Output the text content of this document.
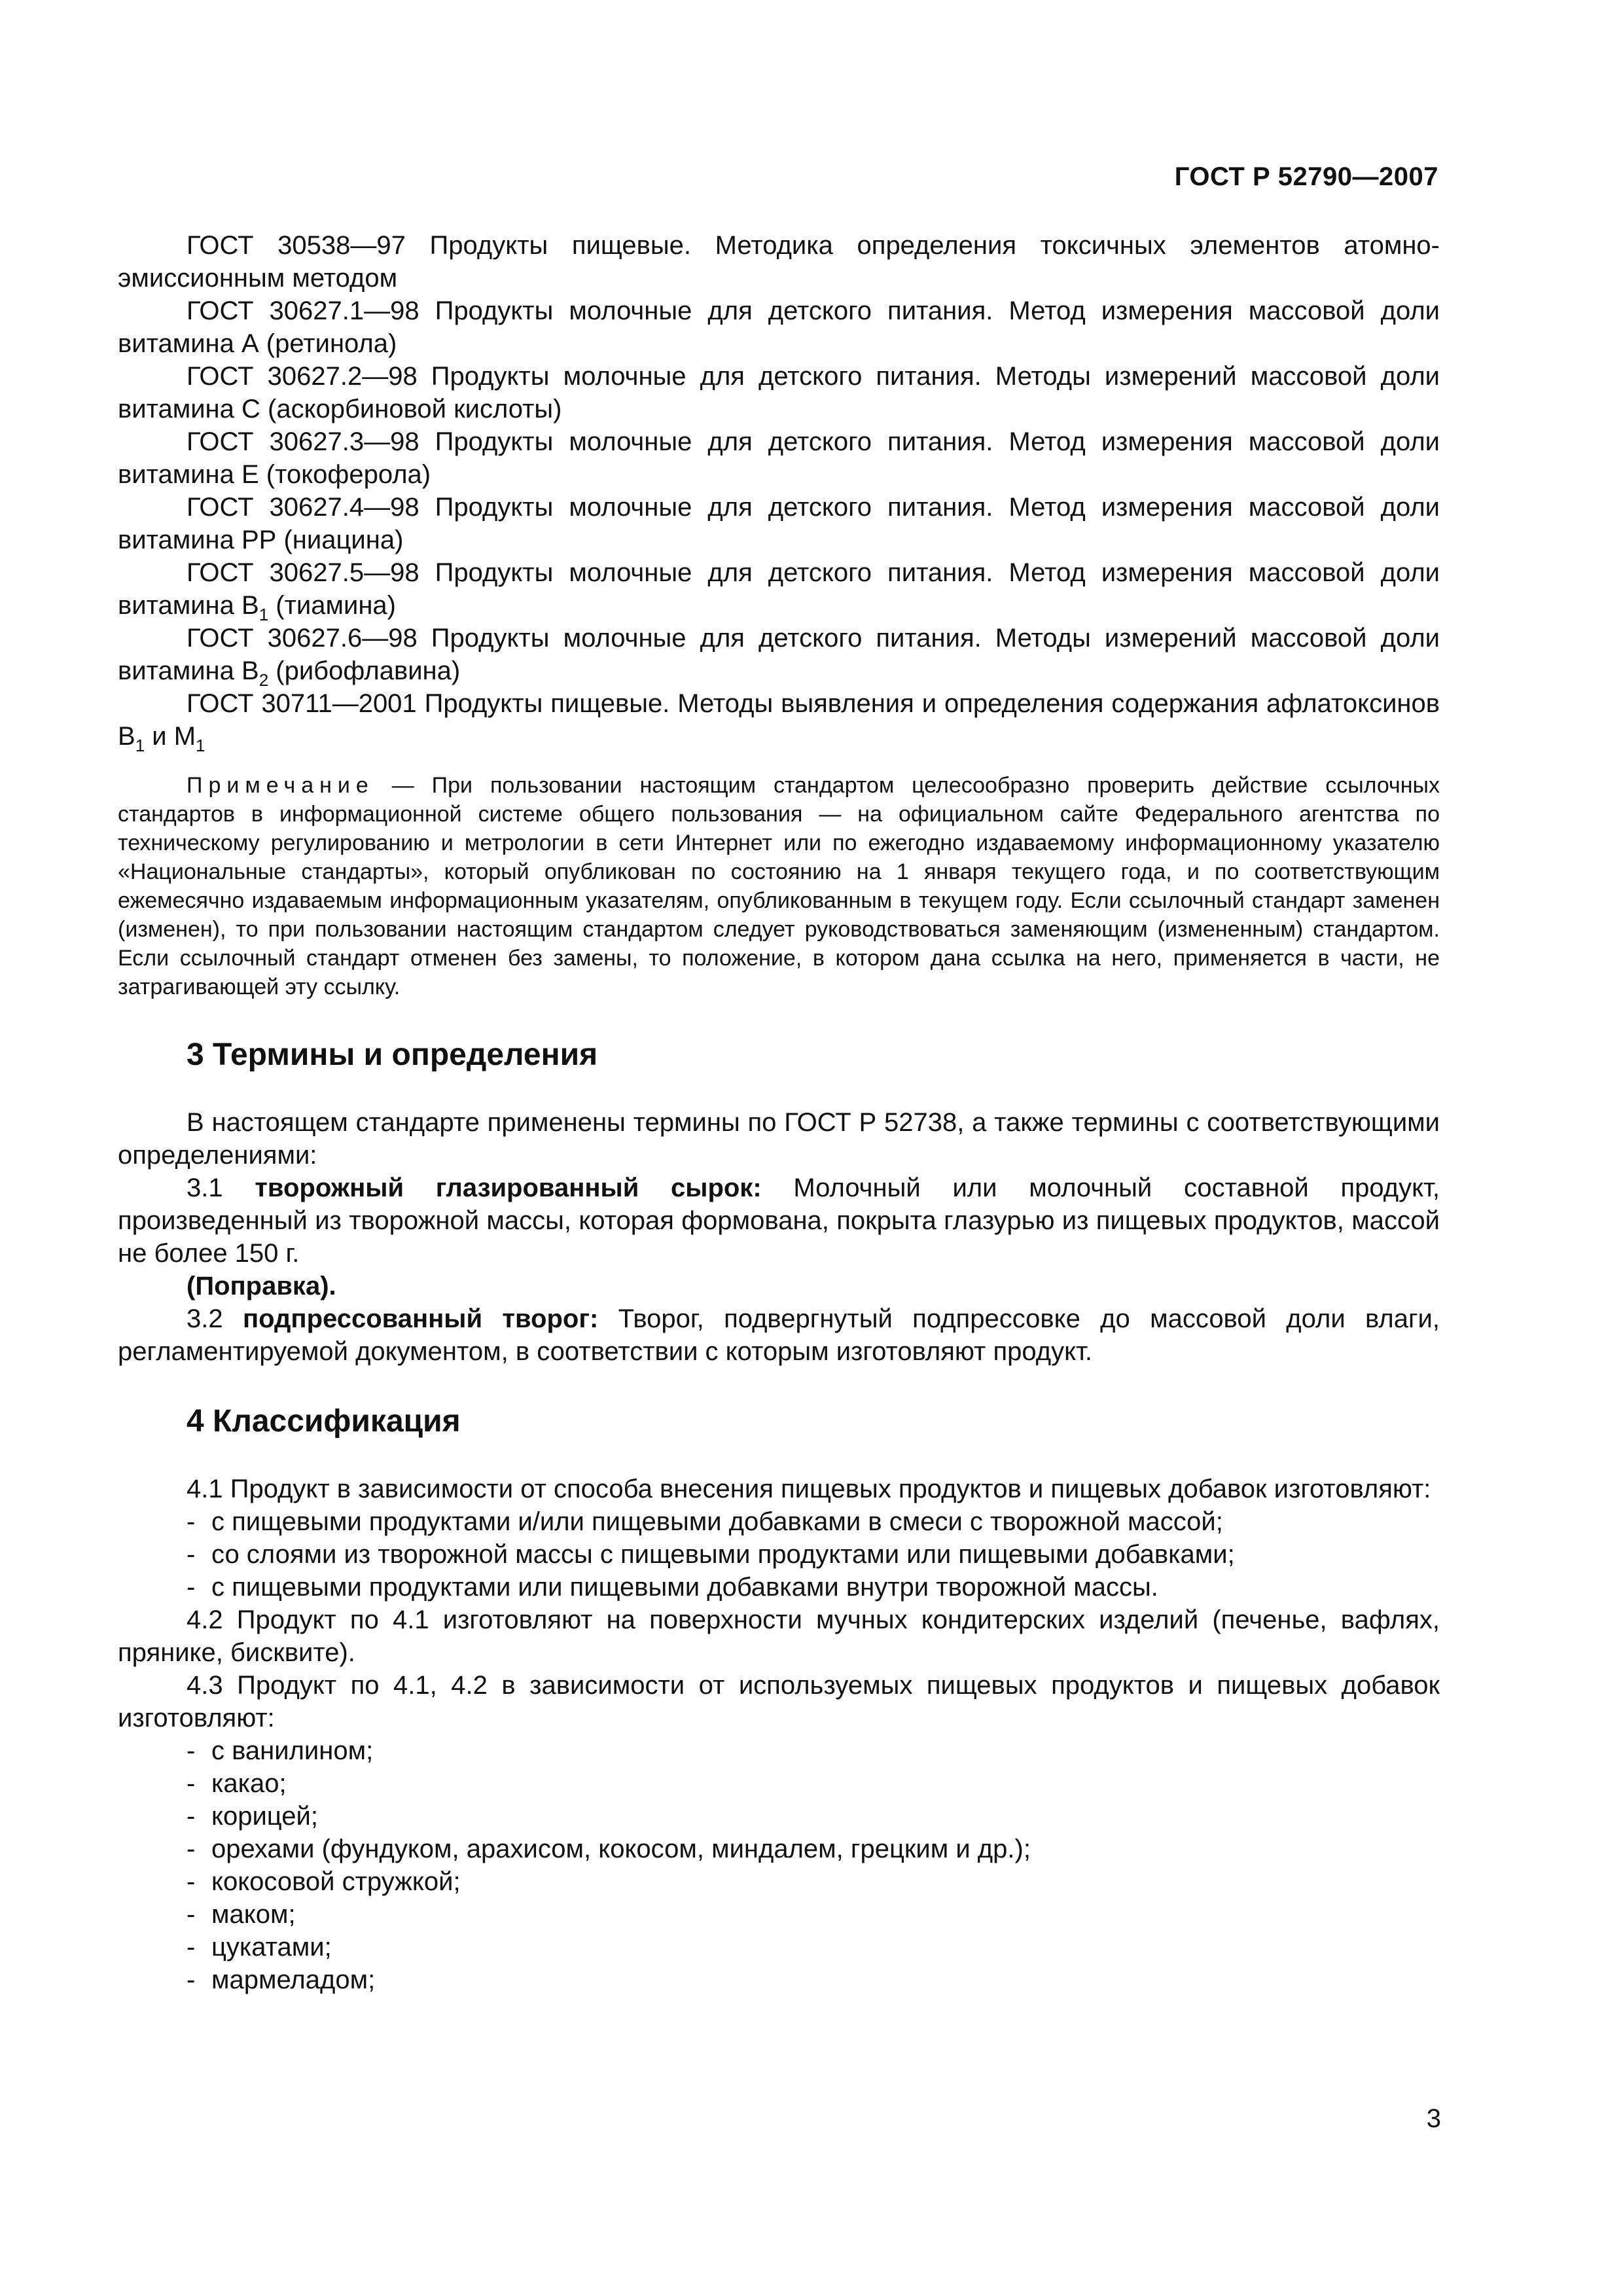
ГОСТ Р 52790—2007

ГОСТ 30538—97 Продукты пищевые. Методика определения токсичных элементов атомно-эмиссионным методом

ГОСТ 30627.1—98 Продукты молочные для детского питания. Метод измерения массовой доли витамина А (ретинола)

ГОСТ 30627.2—98 Продукты молочные для детского питания. Методы измерений массовой доли витамина С (аскорбиновой кислоты)

ГОСТ 30627.3—98 Продукты молочные для детского питания. Метод измерения массовой доли витамина Е (токоферола)

ГОСТ 30627.4—98 Продукты молочные для детского питания. Метод измерения массовой доли витамина РР (ниацина)

ГОСТ 30627.5—98 Продукты молочные для детского питания. Метод измерения массовой доли витамина $В_1$ (тиамина)

ГОСТ 30627.6—98 Продукты молочные для детского питания. Методы измерений массовой доли витамина $В_2$ (рибофлавина)

ГОСТ 30711—2001 Продукты пищевые. Методы выявления и определения содержания афлатоксинов $В_1$ и $М_1$

Примечание — При пользовании настоящим стандартом целесообразно проверить действие ссылочных стандартов в информационной системе общего пользования — на официальном сайте Федерального агентства по техническому регулированию и метрологии в сети Интернет или по ежегодно издаваемому информационному указателю «Национальные стандарты», который опубликован по состоянию на 1 января текущего года, и по соответствующим ежемесячно издаваемым информационным указателям, опубликованным в текущем году. Если ссылочный стандарт заменен (изменен), то при пользовании настоящим стандартом следует руководствоваться заменяющим (измененным) стандартом. Если ссылочный стандарт отменен без замены, то положение, в котором дана ссылка на него, применяется в части, не затрагивающей эту ссылку.

3 Термины и определения

В настоящем стандарте применены термины по ГОСТ Р 52738, а также термины с соответствующими определениями:

3.1 творожный глазированный сырок: Молочный или молочный составной продукт, произведенный из творожной массы, которая формована, покрыта глазурью из пищевых продуктов, массой не более 150 г.

(Поправка).

3.2 подпрессованный творог: Творог, подвергнутый подпрессовке до массовой доли влаги, регламентируемой документом, в соответствии с которым изготовляют продукт.

4 Классификация

4.1 Продукт в зависимости от способа внесения пищевых продуктов и пищевых добавок изготовляют:

- с пищевыми продуктами и/или пищевыми добавками в смеси с творожной массой;

- со слоями из творожной массы с пищевыми продуктами или пищевыми добавками;

- с пищевыми продуктами или пищевыми добавками внутри творожной массы.

4.2 Продукт по 4.1 изготовляют на поверхности мучных кондитерских изделий (печенье, вафлях, прянике, бисквите).

4.3 Продукт по 4.1, 4.2 в зависимости от используемых пищевых продуктов и пищевых добавок изготовляют:

- с ванилином;

- какао;

- корицей;

- орехами (фундуком, арахисом, кокосом, миндалем, грецким и др.);

- кокосовой стружкой;

- маком;

- цукатами;

- мармеладом;

3
